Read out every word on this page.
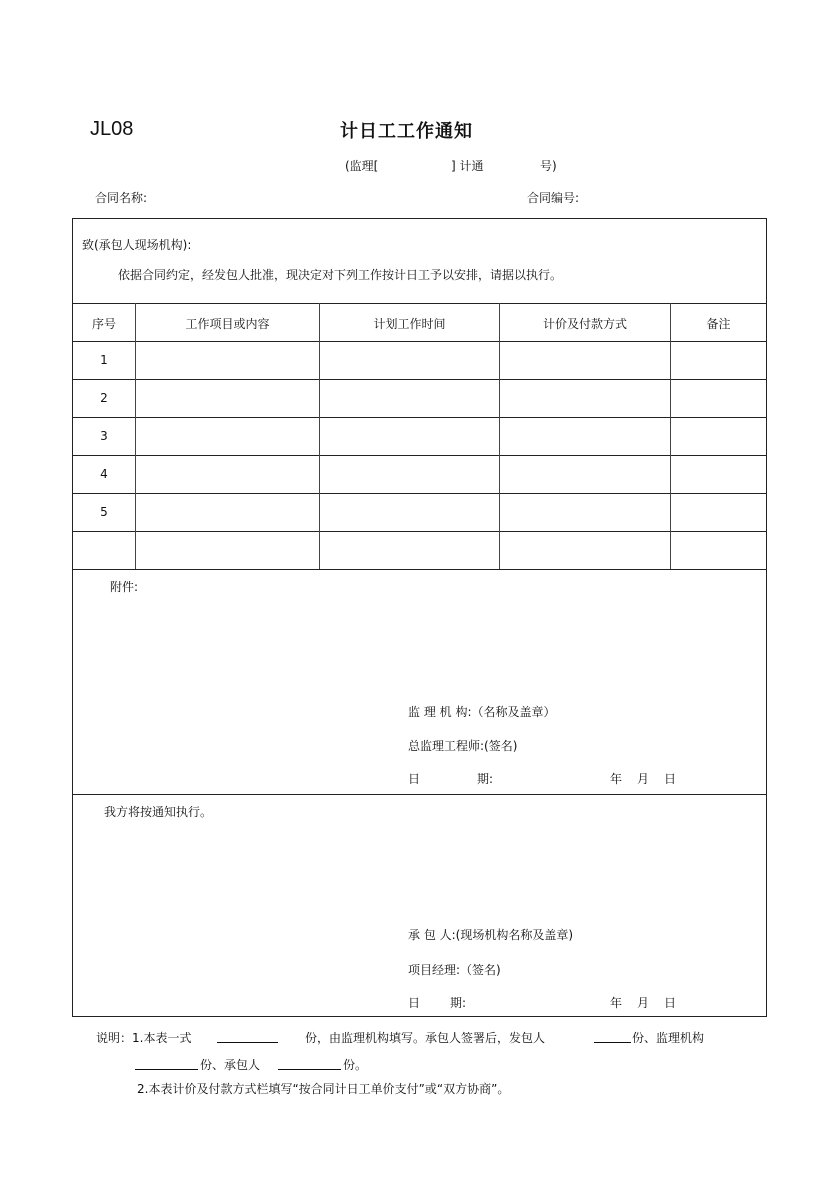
JL08	计日工工作通知
(监理[	] 计通	号)
合同名称:	合同编号:
致(承包人现场机构):
依据合同约定，经发包人批准，现决定对下列工作按计日工予以安排，请据以执行。
序号	工作项目或内容	计划工作时间	计价及付款方式	备注
1
2
3
4
5
附件:
监 理 机 构:（名称及盖章）
总监理工程师:(签名)
日	期:	年 月 日
我方将按通知执行。
承 包 人:(现场机构名称及盖章)
项目经理:（签名)
日 期:	年 月 日
说明：1.本表一式	份，由监理机构填写。承包人签署后，发包人	份、监理机构
份、承包人	份。
2.本表计价及付款方式栏填写“按合同计日工单价支付”或“双方协商”。
